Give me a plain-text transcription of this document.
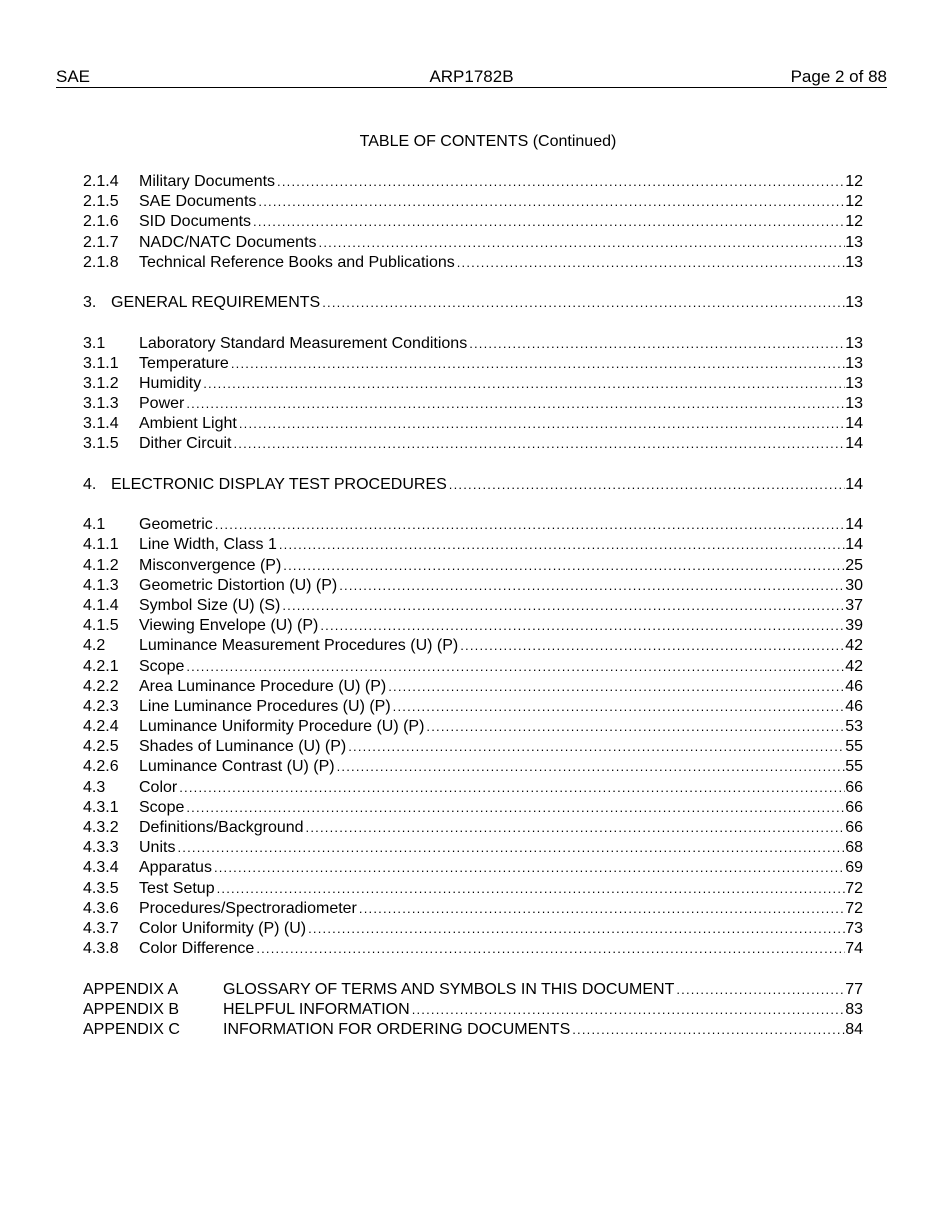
SAE	ARP1782B	Page 2 of 88
TABLE OF CONTENTS (Continued)
2.1.4	Military Documents .....	12
2.1.5	SAE Documents .....	12
2.1.6	SID Documents .....	12
2.1.7	NADC/NATC Documents .....	13
2.1.8	Technical Reference Books and Publications .....	13
3. GENERAL REQUIREMENTS .....	13
3.1	Laboratory Standard Measurement Conditions .....	13
3.1.1	Temperature .....	13
3.1.2	Humidity .....	13
3.1.3	Power .....	13
3.1.4	Ambient Light .....	14
3.1.5	Dither Circuit .....	14
4. ELECTRONIC DISPLAY TEST PROCEDURES .....	14
4.1	Geometric .....	14
4.1.1	Line Width, Class 1 .....	14
4.1.2	Misconvergence (P) .....	25
4.1.3	Geometric Distortion (U) (P) .....	30
4.1.4	Symbol Size (U) (S) .....	37
4.1.5	Viewing Envelope (U) (P) .....	39
4.2	Luminance Measurement Procedures (U) (P) .....	42
4.2.1	Scope .....	42
4.2.2	Area Luminance Procedure (U) (P) .....	46
4.2.3	Line Luminance Procedures (U) (P) .....	46
4.2.4	Luminance Uniformity Procedure (U) (P) .....	53
4.2.5	Shades of Luminance (U) (P) .....	55
4.2.6	Luminance Contrast (U) (P) .....	55
4.3	Color .....	66
4.3.1	Scope .....	66
4.3.2	Definitions/Background .....	66
4.3.3	Units .....	68
4.3.4	Apparatus .....	69
4.3.5	Test Setup .....	72
4.3.6	Procedures/Spectroradiometer .....	72
4.3.7	Color Uniformity (P) (U) .....	73
4.3.8	Color Difference .....	74
APPENDIX A	GLOSSARY OF TERMS AND SYMBOLS IN THIS DOCUMENT .....	77
APPENDIX B	HELPFUL INFORMATION .....	83
APPENDIX C	INFORMATION FOR ORDERING DOCUMENTS .....	84
